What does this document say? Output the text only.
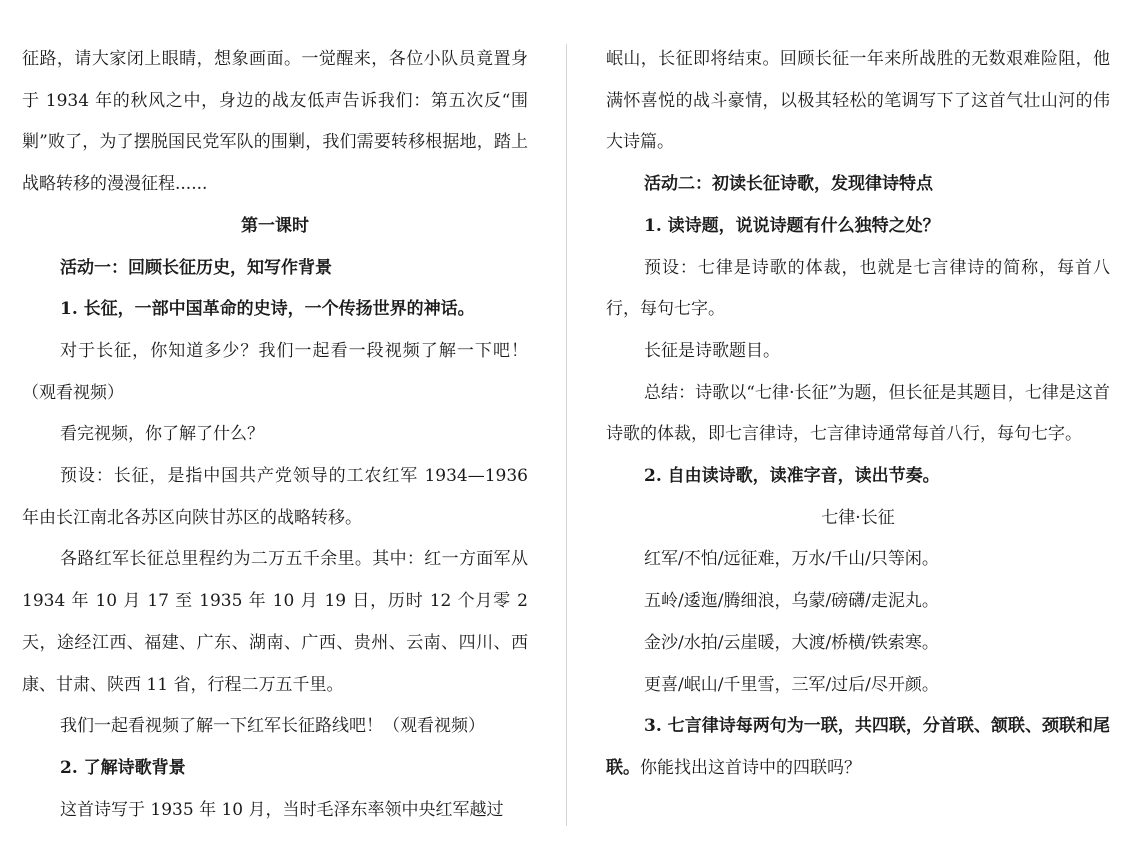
征路，请大家闭上眼睛，想象画面。一觉醒来，各位小队员竟置身于 1934 年的秋风之中，身边的战友低声告诉我们：第五次反“围剿”败了，为了摆脱国民党军队的围剿，我们需要转移根据地，踏上战略转移的漫漫征程......

第一课时

活动一：回顾长征历史，知写作背景

1. 长征，一部中国革命的史诗，一个传扬世界的神话。

对于长征，你知道多少？我们一起看一段视频了解一下吧！（观看视频）

看完视频，你了解了什么？

预设：长征，是指中国共产党领导的工农红军 1934—1936 年由长江南北各苏区向陕甘苏区的战略转移。

各路红军长征总里程约为二万五千余里。其中：红一方面军从 1934 年 10 月 17 至 1935 年 10 月 19 日，历时 12 个月零 2 天，途经江西、福建、广东、湖南、广西、贵州、云南、四川、西康、甘肃、陕西 11 省，行程二万五千里。

我们一起看视频了解一下红军长征路线吧！（观看视频）

2. 了解诗歌背景

这首诗写于 1935 年 10 月，当时毛泽东率领中央红军越过

岷山，长征即将结束。回顾长征一年来所战胜的无数艰难险阻，他满怀喜悦的战斗豪情，以极其轻松的笔调写下了这首气壮山河的伟大诗篇。

活动二：初读长征诗歌，发现律诗特点

1. 读诗题，说说诗题有什么独特之处？

预设：七律是诗歌的体裁，也就是七言律诗的简称，每首八行，每句七字。

长征是诗歌题目。

总结：诗歌以“七律·长征”为题，但长征是其题目，七律是这首诗歌的体裁，即七言律诗，七言律诗通常每首八行，每句七字。

2. 自由读诗歌，读准字音，读出节奏。

七律·长征

红军/不怕/远征难，万水/千山/只等闲。

五岭/逶迤/腾细浪，乌蒙/磅礴/走泥丸。

金沙/水拍/云崖暖，大渡/桥横/铁索寒。

更喜/岷山/千里雪，三军/过后/尽开颜。

3. 七言律诗每两句为一联，共四联，分首联、颔联、颈联和尾联。你能找出这首诗中的四联吗？
